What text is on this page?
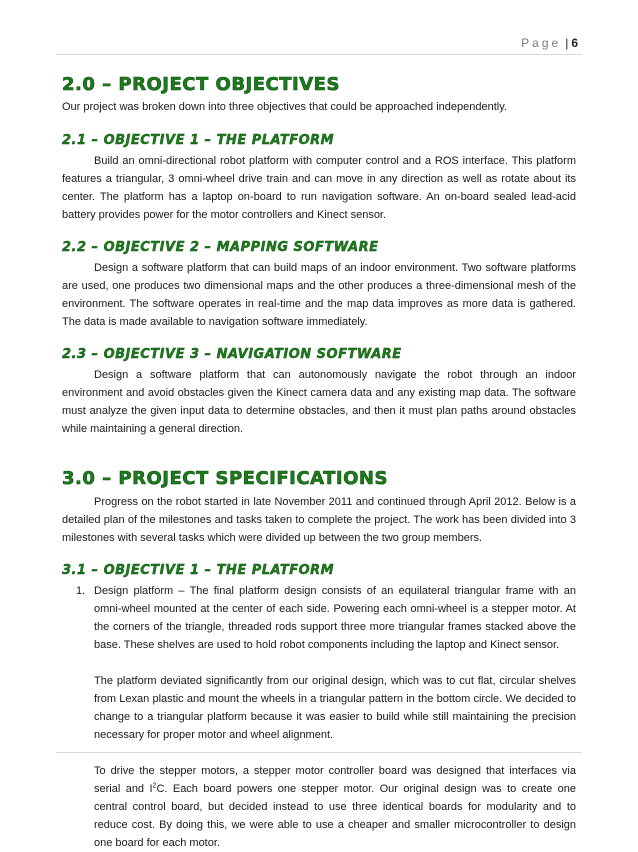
Page | 6
2.0 – PROJECT OBJECTIVES

Our project was broken down into three objectives that could be approached independently.

2.1 – OBJECTIVE 1 – THE PLATFORM

Build an omni-directional robot platform with computer control and a ROS interface. This platform features a triangular, 3 omni-wheel drive train and can move in any direction as well as rotate about its center. The platform has a laptop on-board to run navigation software. An on-board sealed lead-acid battery provides power for the motor controllers and Kinect sensor.

2.2 – OBJECTIVE 2 – MAPPING SOFTWARE

Design a software platform that can build maps of an indoor environment. Two software platforms are used, one produces two dimensional maps and the other produces a three-dimensional mesh of the environment. The software operates in real-time and the map data improves as more data is gathered. The data is made available to navigation software immediately.

2.3 – OBJECTIVE 3 – NAVIGATION SOFTWARE

Design a software platform that can autonomously navigate the robot through an indoor environment and avoid obstacles given the Kinect camera data and any existing map data. The software must analyze the given input data to determine obstacles, and then it must plan paths around obstacles while maintaining a general direction.

3.0 – PROJECT SPECIFICATIONS

Progress on the robot started in late November 2011 and continued through April 2012. Below is a detailed plan of the milestones and tasks taken to complete the project. The work has been divided into 3 milestones with several tasks which were divided up between the two group members.

3.1 – OBJECTIVE 1 – THE PLATFORM
1. Design platform – The final platform design consists of an equilateral triangular frame with an omni-wheel mounted at the center of each side. Powering each omni-wheel is a stepper motor. At the corners of the triangle, threaded rods support three more triangular frames stacked above the base. These shelves are used to hold robot components including the laptop and Kinect sensor.

The platform deviated significantly from our original design, which was to cut flat, circular shelves from Lexan plastic and mount the wheels in a triangular pattern in the bottom circle. We decided to change to a triangular platform because it was easier to build while still maintaining the precision necessary for proper motor and wheel alignment.

To drive the stepper motors, a stepper motor controller board was designed that interfaces via serial and $I^2C$. Each board powers one stepper motor. Our original design was to create one central control board, but decided instead to use three identical boards for modularity and to reduce cost. By doing this, we were able to use a cheaper and smaller microcontroller to design one board for each motor.
